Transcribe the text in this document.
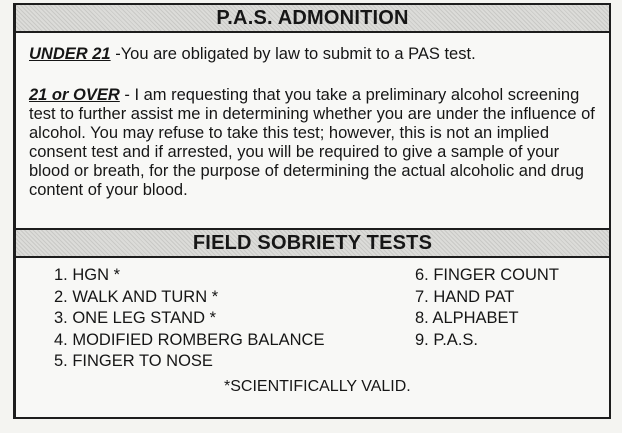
P.A.S. ADMONITION
UNDER 21 -You are obligated by law to submit to a PAS test.
21 or OVER - I am requesting that you take a preliminary alcohol screening test to further assist me in determining whether you are under the influence of alcohol. You may refuse to take this test; however, this is not an implied consent test and if arrested, you will be required to give a sample of your blood or breath, for the purpose of determining the actual alcoholic and drug content of your blood.
FIELD SOBRIETY TESTS
1. HGN *
2. WALK AND TURN *
3. ONE LEG STAND *
4. MODIFIED ROMBERG BALANCE
5. FINGER TO NOSE
6. FINGER COUNT
7. HAND PAT
8. ALPHABET
9. P.A.S.
*SCIENTIFICALLY VALID.
